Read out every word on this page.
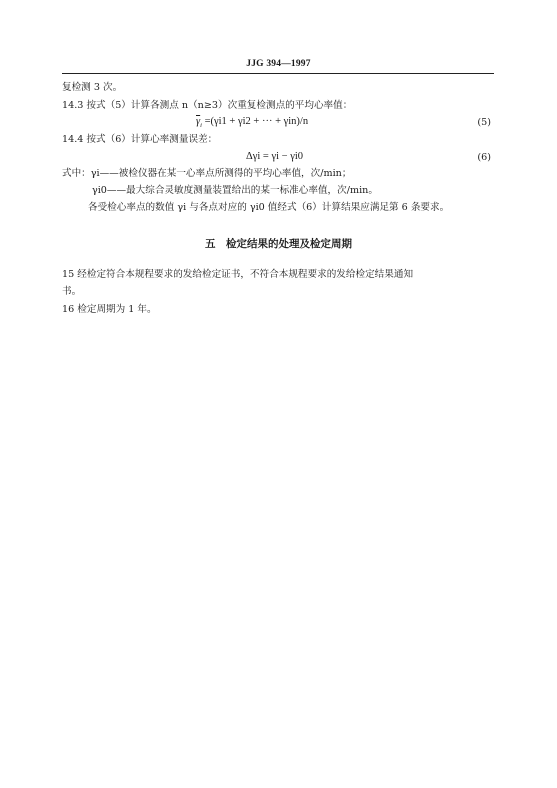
JJG 394—1997
复检测 3 次。
14.3 按式（5）计算各测点 n（n≥3）次重复检测点的平均心率值：
$\overline{\gamma}_i =(\gamma i1 + \gamma i2$ + ··· + γin)/n	(5)
14.4 按式（6）计算心率测量误差：
Δγi = γi − γi0	(6)
式中：γi——被检仪器在某一心率点所测得的平均心率值，次/min；
γi0——最大综合灵敏度测量装置给出的某一标准心率值，次/min。
各受检心率点的数值 γi 与各点对应的 γi0 值经式（6）计算结果应满足第 6 条要求。
五　检定结果的处理及检定周期
15 经检定符合本规程要求的发给检定证书，不符合本规程要求的发给检定结果通知
书。
16 检定周期为 1 年。
